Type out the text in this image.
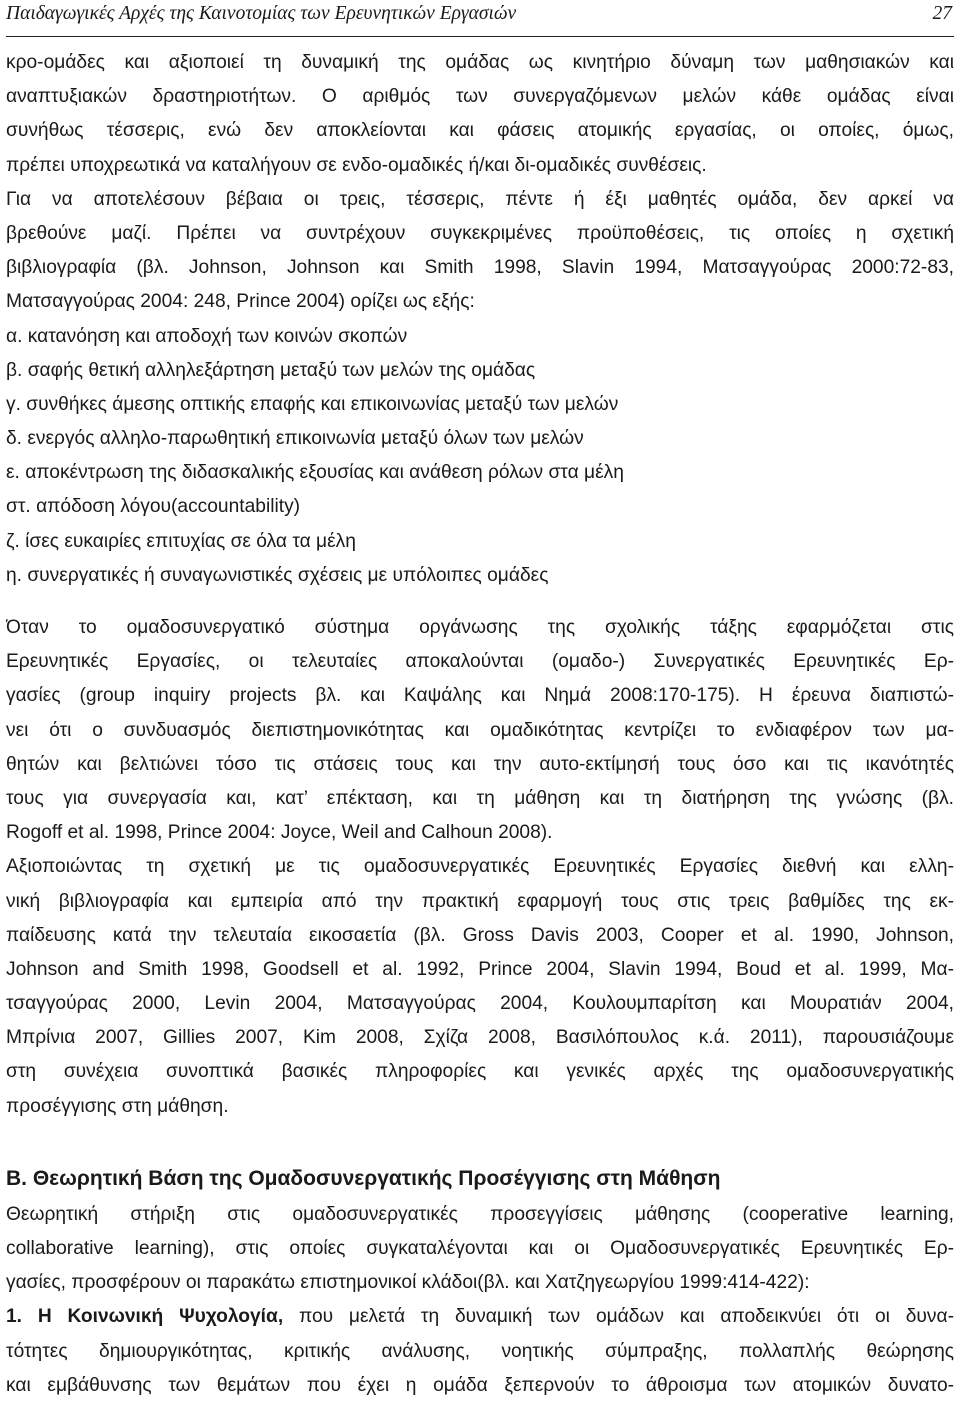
Παιδαγωγικές Αρχές της Καινοτομίας των Ερευνητικών Εργασιών	27
κρο-ομάδες και αξιοποιεί τη δυναμική της ομάδας ως κινητήριο δύναμη των μαθησιακών και
αναπτυξιακών δραστηριοτήτων. Ο αριθμός των συνεργαζόμενων μελών κάθε ομάδας είναι
συνήθως τέσσερις, ενώ δεν αποκλείονται και φάσεις ατομικής εργασίας, οι οποίες, όμως,
πρέπει υποχρεωτικά να καταλήγουν σε ενδο-ομαδικές ή/και δι-ομαδικές συνθέσεις.
Για να αποτελέσουν βέβαια οι τρεις, τέσσερις, πέντε ή έξι μαθητές ομάδα, δεν αρκεί να
βρεθούνε μαζί. Πρέπει να συντρέχουν συγκεκριμένες προϋποθέσεις, τις οποίες η σχετική
βιβλιογραφία (βλ. Johnson, Johnson και Smith 1998, Slavin 1994, Ματσαγγούρας 2000:72-83,
Ματσαγγούρας 2004: 248, Prince 2004) ορίζει ως εξής:
α. κατανόηση και αποδοχή των κοινών σκοπών
β. σαφής θετική αλληλεξάρτηση μεταξύ των μελών της ομάδας
γ. συνθήκες άμεσης οπτικής επαφής και επικοινωνίας μεταξύ των μελών
δ. ενεργός αλληλο-παρωθητική επικοινωνία μεταξύ όλων των μελών
ε. αποκέντρωση της διδασκαλικής εξουσίας και ανάθεση ρόλων στα μέλη
στ. απόδοση λόγου(accountability)
ζ. ίσες ευκαιρίες επιτυχίας σε όλα τα μέλη
η. συνεργατικές ή συναγωνιστικές σχέσεις με υπόλοιπες ομάδες
Όταν το ομαδοσυνεργατικό σύστημα οργάνωσης της σχολικής τάξης εφαρμόζεται στις
Ερευνητικές Εργασίες, οι τελευταίες αποκαλούνται (ομαδο-) Συνεργατικές Ερευνητικές Ερ-
γασίες (group inquiry projects βλ. και Καψάλης και Νημά 2008:170-175). Η έρευνα διαπιστώ-
νει ότι ο συνδυασμός διεπιστημονικότητας και ομαδικότητας κεντρίζει το ενδιαφέρον των μα-
θητών και βελτιώνει τόσο τις στάσεις τους και την αυτο-εκτίμησή τους όσο και τις ικανότητές
τους για συνεργασία και, κατ’ επέκταση, και τη μάθηση και τη διατήρηση της γνώσης (βλ.
Rogoff et al. 1998, Prince 2004: Joyce, Weil and Calhoun 2008).
Αξιοποιώντας τη σχετική με τις ομαδοσυνεργατικές Ερευνητικές Εργασίες διεθνή και ελλη-
νική βιβλιογραφία και εμπειρία από την πρακτική εφαρμογή τους στις τρεις βαθμίδες της εκ-
παίδευσης κατά την τελευταία εικοσαετία (βλ. Gross Davis 2003, Cooper et al. 1990, Johnson,
Johnson and Smith 1998, Goodsell et al. 1992, Prince 2004, Slavin 1994, Boud et al. 1999, Μα-
τσαγγούρας 2000, Levin 2004, Ματσαγγούρας 2004, Κουλουμπαρίτση και Μουρατιάν 2004,
Μπρίνια 2007, Gillies 2007, Kim 2008, Σχίζα 2008, Βασιλόπουλος κ.ά. 2011), παρουσιάζουμε
στη συνέχεια συνοπτικά βασικές πληροφορίες και γενικές αρχές της ομαδοσυνεργατικής
προσέγγισης στη μάθηση.
Β. Θεωρητική Βάση της Ομαδοσυνεργατικής Προσέγγισης στη Μάθηση
Θεωρητική στήριξη στις ομαδοσυνεργατικές προσεγγίσεις μάθησης (cooperative learning,
collaborative learning), στις οποίες συγκαταλέγονται και οι Ομαδοσυνεργατικές Ερευνητικές Ερ-
γασίες, προσφέρουν οι παρακάτω επιστημονικοί κλάδοι(βλ. και Χατζηγεωργίου 1999:414-422):
1. Η Κοινωνική Ψυχολογία, που μελετά τη δυναμική των ομάδων και αποδεικνύει ότι οι δυνα-
τότητες δημιουργικότητας, κριτικής ανάλυσης, νοητικής σύμπραξης, πολλαπλής θεώρησης
και εμβάθυνσης των θεμάτων που έχει η ομάδα ξεπερνούν το άθροισμα των ατομικών δυνατο-
